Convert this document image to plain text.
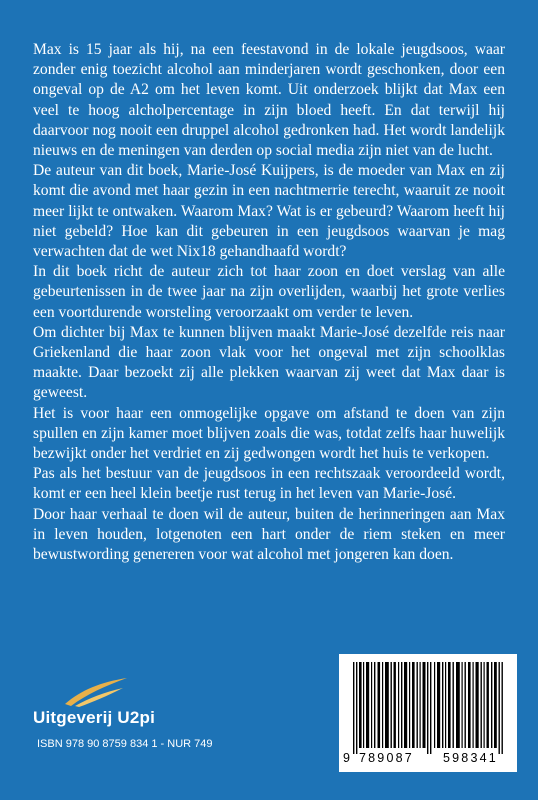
Max is 15 jaar als hij, na een feestavond in de lokale jeugdsoos, waar zonder enig toezicht alcohol aan minderjaren wordt geschonken, door een ongeval op de A2 om het leven komt. Uit onderzoek blijkt dat Max een veel te hoog alcholpercentage in zijn bloed heeft. En dat terwijl hij daarvoor nog nooit een druppel alcohol gedronken had. Het wordt landelijk nieuws en de meningen van derden op social media zijn niet van de lucht.

De auteur van dit boek, Marie-José Kuijpers, is de moeder van Max en zij komt die avond met haar gezin in een nachtmerrie terecht, waaruit ze nooit meer lijkt te ontwaken. Waarom Max? Wat is er gebeurd? Waarom heeft hij niet gebeld? Hoe kan dit gebeuren in een jeugdsoos waarvan je mag verwachten dat de wet Nix18 gehandhaafd wordt?

In dit boek richt de auteur zich tot haar zoon en doet verslag van alle gebeurtenissen in de twee jaar na zijn overlijden, waarbij het grote verlies een voortdurende worsteling veroorzaakt om verder te leven.

Om dichter bij Max te kunnen blijven maakt Marie-José dezelfde reis naar Griekenland die haar zoon vlak voor het ongeval met zijn schoolklas maakte. Daar bezoekt zij alle plekken waarvan zij weet dat Max daar is geweest.

Het is voor haar een onmogelijke opgave om afstand te doen van zijn spullen en zijn kamer moet blijven zoals die was, totdat zelfs haar huwelijk bezwijkt onder het verdriet en zij gedwongen wordt het huis te verkopen.

Pas als het bestuur van de jeugdsoos in een rechtszaak veroordeeld wordt, komt er een heel klein beetje rust terug in het leven van Marie-José.

Door haar verhaal te doen wil de auteur, buiten de herinneringen aan Max in leven houden, lotgenoten een hart onder de riem steken en meer bewustwording genereren voor wat alcohol met jongeren kan doen.

Uitgeverij U2pi
ISBN 978 90 8759 834 1 - NUR 749
9 789087 598341
